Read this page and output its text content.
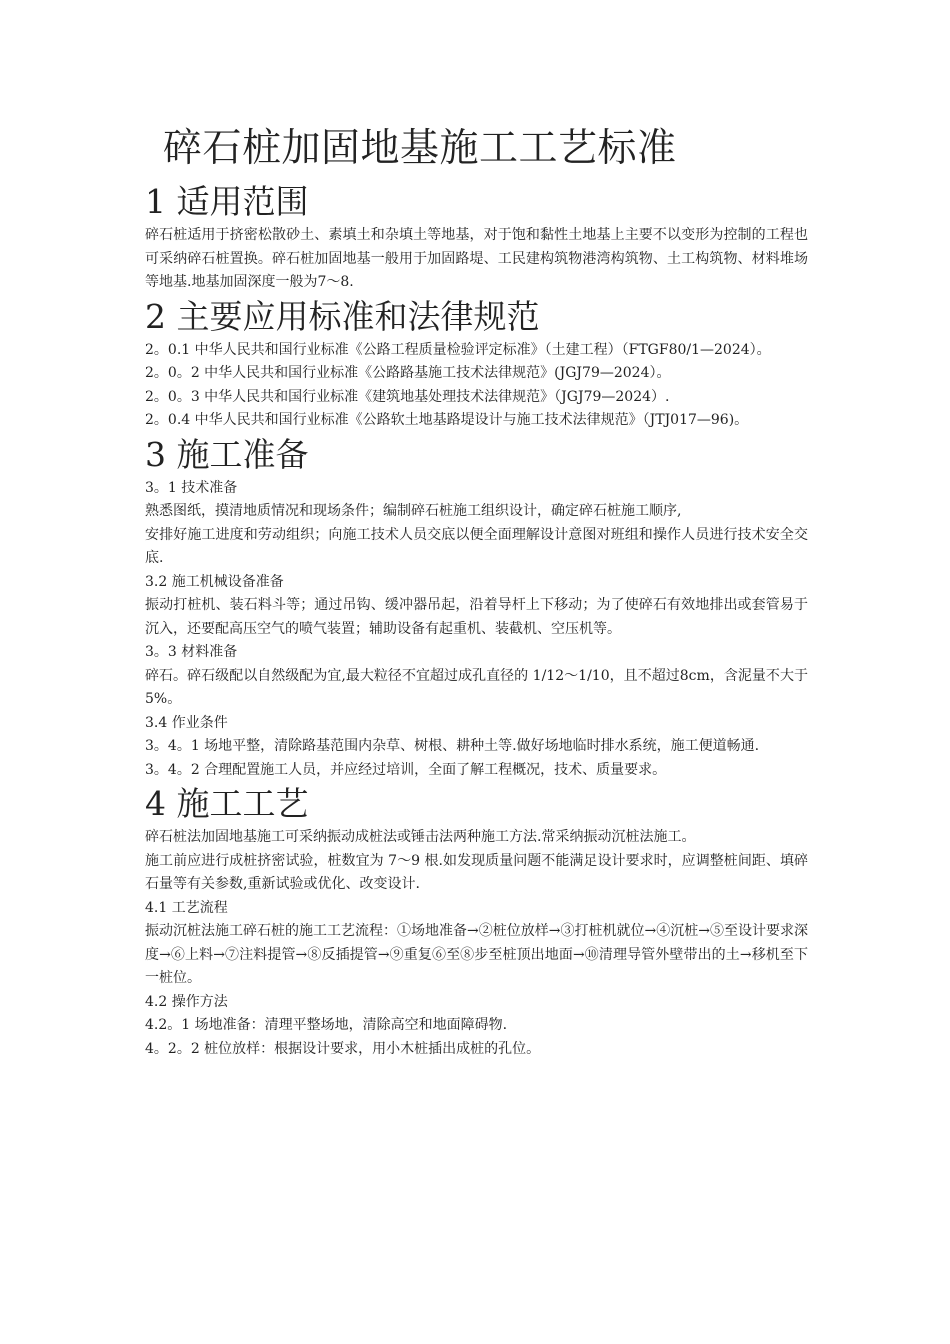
碎石桩加固地基施工工艺标准
1 适用范围

碎石桩适用于挤密松散砂土、素填土和杂填土等地基，对于饱和黏性土地基上主要不以变形为控制的工程也可采纳碎石桩置换。碎石桩加固地基一般用于加固路堤、工民建构筑物港湾构筑物、土工构筑物、材料堆场等地基.地基加固深度一般为7～8.

2 主要应用标准和法律规范

2。0.1 中华人民共和国行业标准《公路工程质量检验评定标准》（土建工程）（FTGF80/1—2024）。

2。0。2 中华人民共和国行业标准《公路路基施工技术法律规范》(JGJ79—2024）。

2。0。3 中华人民共和国行业标准《建筑地基处理技术法律规范》（JGJ79—2024）.

2。0.4 中华人民共和国行业标准《公路软土地基路堤设计与施工技术法律规范》（JTJ017—96)。

3 施工准备

3。1 技术准备

熟悉图纸，摸清地质情况和现场条件；编制碎石桩施工组织设计，确定碎石桩施工顺序,

安排好施工进度和劳动组织；向施工技术人员交底以便全面理解设计意图对班组和操作人员进行技术安全交底.

3.2 施工机械设备准备

振动打桩机、装石料斗等；通过吊钩、缓冲器吊起，沿着导杆上下移动；为了使碎石有效地排出或套管易于沉入，还要配高压空气的喷气装置；辅助设备有起重机、装截机、空压机等。

3。3 材料准备

碎石。碎石级配以自然级配为宜,最大粒径不宜超过成孔直径的 1/12～1/10，且不超过8cm，含泥量不大于 5%。

3.4 作业条件

3。4。1 场地平整，清除路基范围内杂草、树根、耕种土等.做好场地临时排水系统，施工便道畅通.

3。4。2 合理配置施工人员，并应经过培训，全面了解工程概况，技术、质量要求。

4 施工工艺

碎石桩法加固地基施工可采纳振动成桩法或锤击法两种施工方法.常采纳振动沉桩法施工。

施工前应进行成桩挤密试验，桩数宜为 7～9 根.如发现质量问题不能满足设计要求时，应调整桩间距、填碎石量等有关参数,重新试验或优化、改变设计.

4.1 工艺流程

振动沉桩法施工碎石桩的施工工艺流程：①场地准备→②桩位放样→③打桩机就位→④沉桩→⑤至设计要求深度→⑥上料→⑦注料提管→⑧反插提管→⑨重复⑥至⑧步至桩顶出地面→⑩清理导管外壁带出的土→移机至下一桩位。

4.2 操作方法

4.2。1 场地准备：清理平整场地，清除高空和地面障碍物.

4。2。2 桩位放样：根据设计要求，用小木桩插出成桩的孔位。
